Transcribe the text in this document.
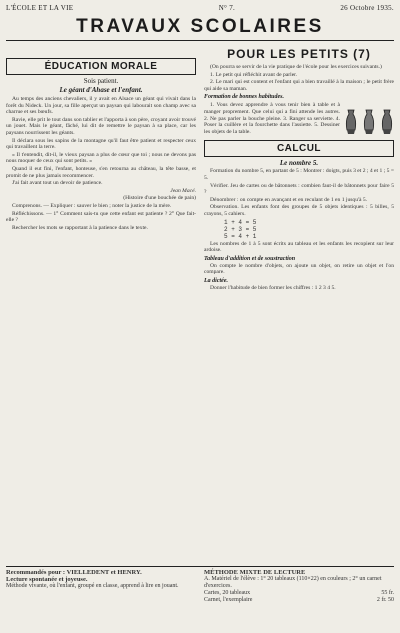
L'ÉCOLE ET LA VIE	N° 7.	26 Octobre 1935.
TRAVAUX SCOLAIRES
ÉDUCATION MORALE
Sois patient.
Le géant d'Ahase et l'enfant.

Au temps des anciens chevaliers, il y avait en Alsace un géant qui vivait dans la forêt du Nideck. Un jour, sa fille aperçut un paysan qui labourait son champ avec sa charrue et ses bœufs.

Ravie, elle prit le tout dans son tablier et l'apporta à son père, croyant avoir trouvé un jouet. Mais le géant, fâché, lui dit de remettre le paysan à sa place, car les paysans nourrissent les géants.

Il déclara sous les sapins de la montagne qu'il faut être patient et respecter ceux qui travaillent la terre.

« Il t'entendit, dit-il, le vieux paysan a plus de cœur que toi ; nous ne devons pas nous moquer de ceux qui sont petits. »

Quand il eut fini, l'enfant, honteuse, s'en retourna au château, la tête basse, et promit de ne plus jamais recommencer.

J'ai fait avant tout un devoir de patience.

Jean Macé.

(Histoire d'une bouchée de pain)

Comprenons. — Expliquer : sauver le bien ; noter la justice de la mère.

Réfléchissons. — 1° Comment sais-tu que cette enfant est patiente ? 2° Que fait-elle ?

Rechercher les mots se rapportant à la patience dans le texte.

POUR LES PETITS (7)

(On pourra se servir de la vie pratique de l'école pour les exercices suivants.)

1. Le petit qui réfléchit avant de parler.

2. Le mari qui est content et l'enfant qui a bien travaillé à la maison ; le petit frère qui aide sa maman.

Formation de bonnes habitudes.

1. Vous devez apprendre à vous tenir bien à table et à manger proprement. Que celui qui a fini attende les autres. 2. Ne pas parler la bouche pleine. 3. Ranger sa serviette. 4. Poser la cuillère et la fourchette dans l'assiette. 5. Dessiner les objets de la table.

CALCUL
Le nombre 5.

Formation du nombre 5, en partant de 5 : Montrer : doigts, puis 3 et 2 ; 4 et 1 ; 5 = 5.

Vérifier. Jeu de cartes ou de bâtonnets : combien faut-il de bâtonnets pour faire 5 ?

Dénombrer : on compte en avançant et en reculant de 1 en 1 jusqu'à 5.

Observation. Les enfants font des groupes de 5 objets identiques : 5 billes, 5 crayons, 5 cahiers.

1 + 4 = 5
2 + 3 = 5
5 = 4 + 1

Les nombres de 1 à 5 sont écrits au tableau et les enfants les recopient sur leur ardoise.

Tableau d'addition et de soustraction

On compte le nombre d'objets, on ajoute un objet, on retire un objet et l'on compare.

La dictée.

Donner l'habitude de bien former les chiffres : 1 2 3 4 5.

Recommandés pour : VIELLEDENT et HENRY.
Lecture spontanée et joyeuse.
Méthode vivante, où l'enfant, groupé en classe, apprend à lire en jouant.
MÉTHODE MIXTE DE LECTURE
A. Matériel de l'élève : 1° 20 tableaux (110×22) en couleurs ; 2° un carnet d'exercices.
Cartes, 20 tableaux	55 fr.
Carnet, l'exemplaire	2 fr. 50
